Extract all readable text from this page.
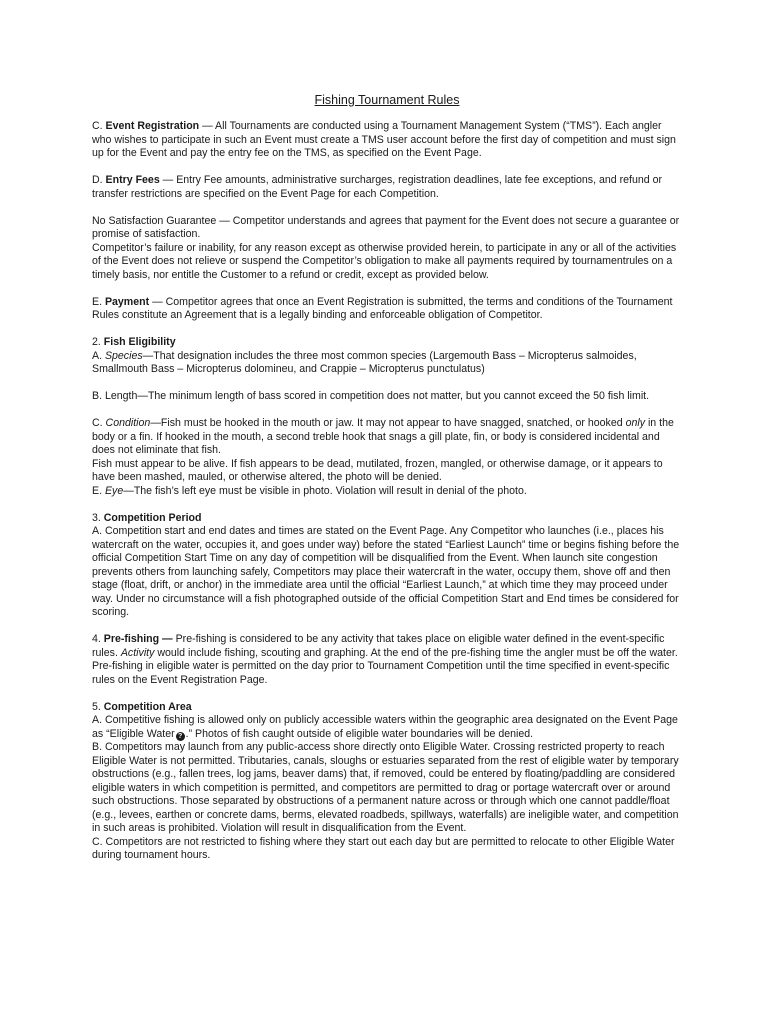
Fishing Tournament Rules

C. Event Registration — All Tournaments are conducted using a Tournament Management System (“TMS”). Each angler who wishes to participate in such an Event must create a TMS user account before the first day of competition and must sign up for the Event and pay the entry fee on the TMS, as specified on the Event Page.

D. Entry Fees — Entry Fee amounts, administrative surcharges, registration deadlines, late fee exceptions, and refund or transfer restrictions are specified on the Event Page for each Competition.

No Satisfaction Guarantee — Competitor understands and agrees that payment for the Event does not secure a guarantee or promise of satisfaction.
Competitor’s failure or inability, for any reason except as otherwise provided herein, to participate in any or all of the activities of the Event does not relieve or suspend the Competitor’s obligation to make all payments required by tournamentrules on a timely basis, nor entitle the Customer to a refund or credit, except as provided below.

E. Payment — Competitor agrees that once an Event Registration is submitted, the terms and conditions of the Tournament Rules constitute an Agreement that is a legally binding and enforceable obligation of Competitor.

2. Fish Eligibility
A. Species—That designation includes the three most common species (Largemouth Bass – Micropterus salmoides, Smallmouth Bass – Micropterus dolomineu, and Crappie – Micropterus punctulatus)

B. Length—The minimum length of bass scored in competition does not matter, but you cannot exceed the 50 fish limit.

C. Condition—Fish must be hooked in the mouth or jaw. It may not appear to have snagged, snatched, or hooked only in the body or a fin. If hooked in the mouth, a second treble hook that snags a gill plate, fin, or body is considered incidental and does not eliminate that fish.
Fish must appear to be alive. If fish appears to be dead, mutilated, frozen, mangled, or otherwise damage, or it appears to have been mashed, mauled, or otherwise altered, the photo will be denied.
E. Eye—The fish’s left eye must be visible in photo. Violation will result in denial of the photo.

3. Competition Period
A. Competition start and end dates and times are stated on the Event Page. Any Competitor who launches (i.e., places his watercraft on the water, occupies it, and goes under way) before the stated “Earliest Launch” time or begins fishing before the official Competition Start Time on any day of competition will be disqualified from the Event. When launch site congestion prevents others from launching safely, Competitors may place their watercraft in the water, occupy them, shove off and then stage (float, drift, or anchor) in the immediate area until the official “Earliest Launch,” at which time they may proceed under way. Under no circumstance will a fish photographed outside of the official Competition Start and End times be considered for scoring.

4. Pre-fishing — Pre-fishing is considered to be any activity that takes place on eligible water defined in the event-specific rules. Activity would include fishing, scouting and graphing. At the end of the pre-fishing time the angler must be off the water. Pre-fishing in eligible water is permitted on the day prior to Tournament Competition until the time specified in event-specific rules on the Event Registration Page.

5. Competition Area
A. Competitive fishing is allowed only on publicly accessible waters within the geographic area designated on the Event Page as “Eligible Water ? .” Photos of fish caught outside of eligible water boundaries will be denied.
B. Competitors may launch from any public-access shore directly onto Eligible Water. Crossing restricted property to reach Eligible Water is not permitted. Tributaries, canals, sloughs or estuaries separated from the rest of eligible water by temporary obstructions (e.g., fallen trees, log jams, beaver dams) that, if removed, could be entered by floating/paddling are considered eligible waters in which competition is permitted, and competitors are permitted to drag or portage watercraft over or around such obstructions. Those separated by obstructions of a permanent nature across or through which one cannot paddle/float (e.g., levees, earthen or concrete dams, berms, elevated roadbeds, spillways, waterfalls) are ineligible water, and competition in such areas is prohibited. Violation will result in disqualification from the Event.
C. Competitors are not restricted to fishing where they start out each day but are permitted to relocate to other Eligible Water during tournament hours.
